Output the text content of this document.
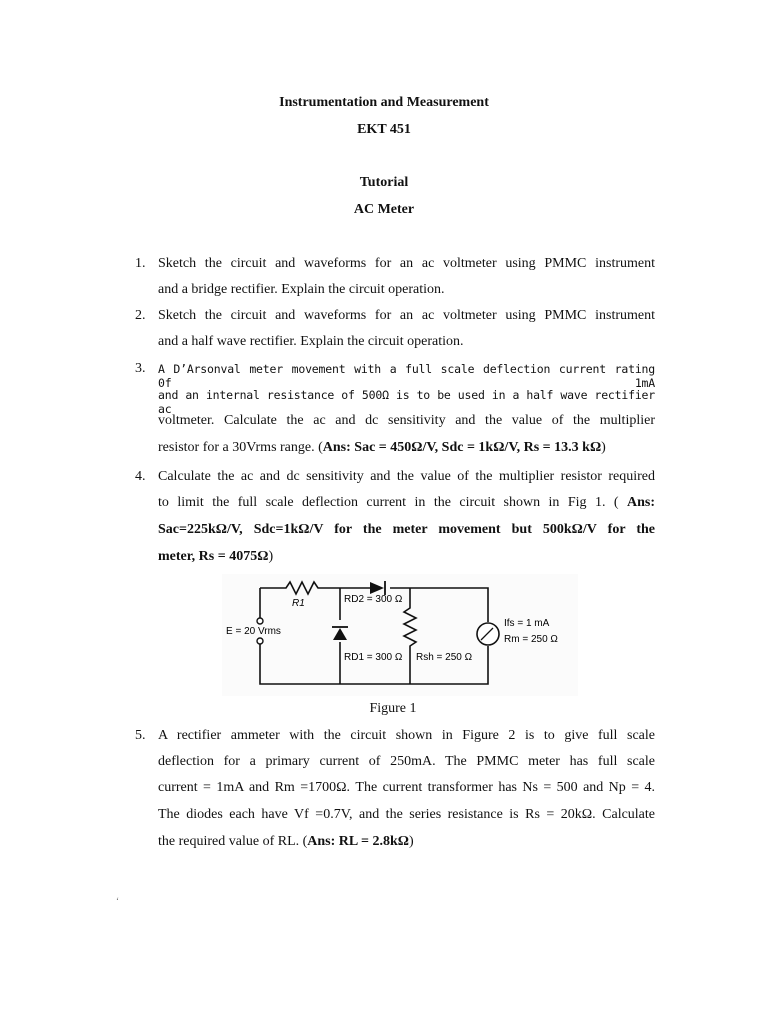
Instrumentation and Measurement
EKT 451
Tutorial
AC Meter
1. Sketch the circuit and waveforms for an ac voltmeter using PMMC instrument
and a bridge rectifier. Explain the circuit operation.
2. Sketch the circuit and waveforms for an ac voltmeter using PMMC instrument
and a half wave rectifier. Explain the circuit operation.
3. A D’Arsonval meter movement with a full scale deflection current rating 0f 1mA
and an internal resistance of 500Ω is to be used in a half wave rectifier ac
voltmeter. Calculate the ac and dc sensitivity and the value of the multiplier
resistor for a 30Vrms range. (Ans: Sac = 450Ω/V, Sdc = 1kΩ/V, Rs = 13.3 kΩ)
4. Calculate the ac and dc sensitivity and the value of the multiplier resistor required
to limit the full scale deflection current in the circuit shown in Fig 1. ( Ans:
Sac=225kΩ/V, Sdc=1kΩ/V for the meter movement but 500kΩ/V for the
meter, Rs = 4075Ω)
R1	RD2 = 300 Ω
E = 20 Vrms
RD1 = 300 Ω Rsh = 250 Ω
Ifs = 1 mA
Rm = 250 Ω
Figure 1
5. A rectifier ammeter with the circuit shown in Figure 2 is to give full scale
deflection for a primary current of 250mA. The PMMC meter has full scale
current = 1mA and Rm =1700Ω. The current transformer has Ns = 500 and Np = 4.
The diodes each have Vf =0.7V, and the series resistance is Rs = 20kΩ. Calculate
the required value of RL. (Ans: RL = 2.8kΩ)
‘
